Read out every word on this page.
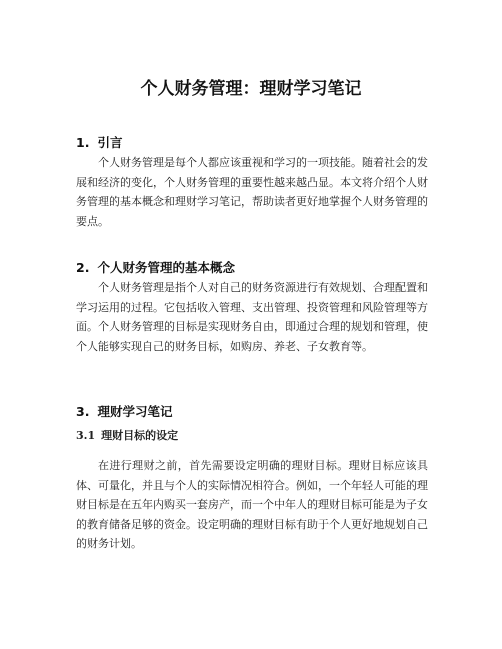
个人财务管理：理财学习笔记
1. 引言

个人财务管理是每个人都应该重视和学习的一项技能。随着社会的发展和经济的变化，个人财务管理的重要性越来越凸显。本文将介绍个人财务管理的基本概念和理财学习笔记，帮助读者更好地掌握个人财务管理的要点。

2. 个人财务管理的基本概念

个人财务管理是指个人对自己的财务资源进行有效规划、合理配置和学习运用的过程。它包括收入管理、支出管理、投资管理和风险管理等方面。个人财务管理的目标是实现财务自由，即通过合理的规划和管理，使个人能够实现自己的财务目标，如购房、养老、子女教育等。

3. 理财学习笔记
3.1 理财目标的设定

在进行理财之前，首先需要设定明确的理财目标。理财目标应该具体、可量化，并且与个人的实际情况相符合。例如，一个年轻人可能的理财目标是在五年内购买一套房产，而一个中年人的理财目标可能是为子女的教育储备足够的资金。设定明确的理财目标有助于个人更好地规划自己的财务计划。
